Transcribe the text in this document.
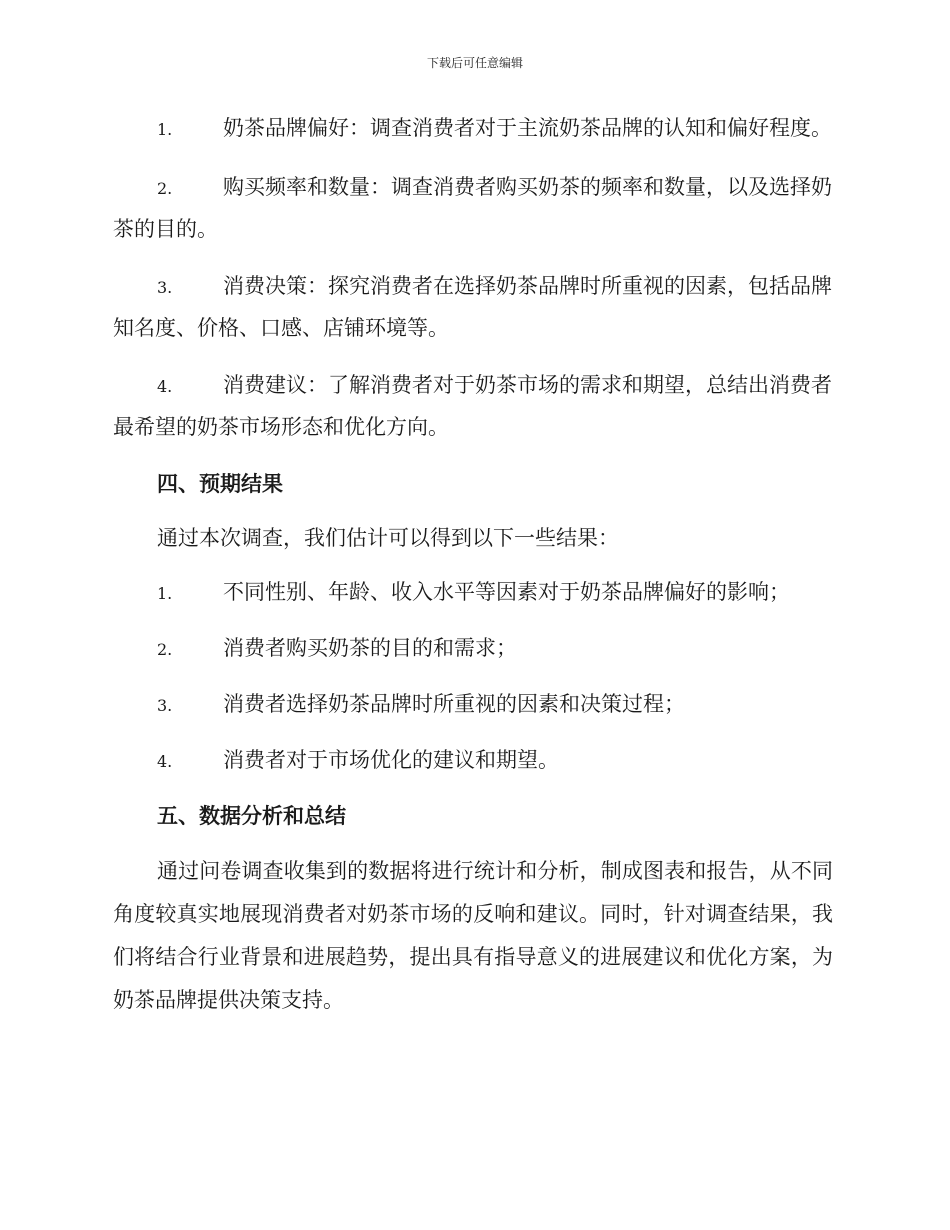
下载后可任意编辑
1. 奶茶品牌偏好：调查消费者对于主流奶茶品牌的认知和偏好程度。
2. 购买频率和数量：调查消费者购买奶茶的频率和数量，以及选择奶茶的目的。
3. 消费决策：探究消费者在选择奶茶品牌时所重视的因素，包括品牌知名度、价格、口感、店铺环境等。
4. 消费建议：了解消费者对于奶茶市场的需求和期望，总结出消费者最希望的奶茶市场形态和优化方向。
四、预期结果
通过本次调查，我们估计可以得到以下一些结果：
1. 不同性别、年龄、收入水平等因素对于奶茶品牌偏好的影响；
2. 消费者购买奶茶的目的和需求；
3. 消费者选择奶茶品牌时所重视的因素和决策过程；
4. 消费者对于市场优化的建议和期望。
五、数据分析和总结
通过问卷调查收集到的数据将进行统计和分析，制成图表和报告，从不同角度较真实地展现消费者对奶茶市场的反响和建议。同时，针对调查结果，我们将结合行业背景和进展趋势，提出具有指导意义的进展建议和优化方案，为奶茶品牌提供决策支持。
